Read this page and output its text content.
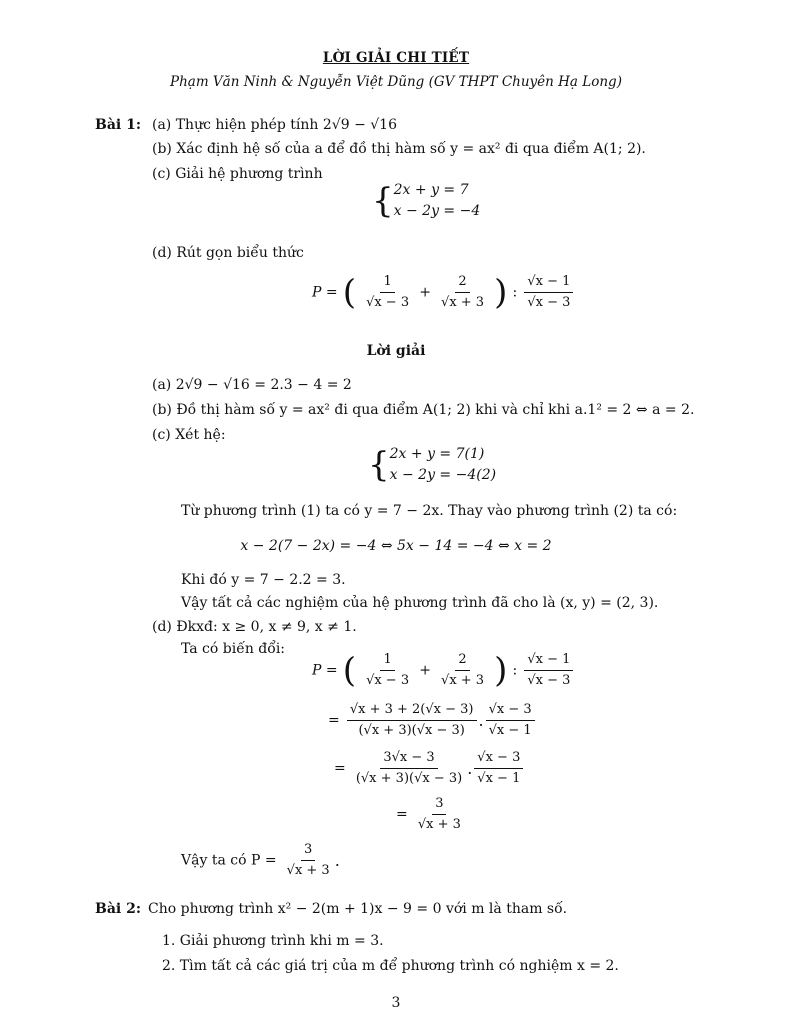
LỜI GIẢI CHI TIẾT
Phạm Văn Ninh & Nguyễn Việt Dũng (GV THPT Chuyên Hạ Long)
Bài 1: (a) Thực hiện phép tính 2√9 − √16
(b) Xác định hệ số của a để đồ thị hàm số y = ax² đi qua điểm A(1; 2).
(c) Giải hệ phương trình
{ 2x + y = 7
x − 2y = −4
(d) Rút gọn biểu thức
P = ( $\frac{1}{√x - 3} + \frac{2}{√x + 3}$ ) : $\frac{√x - 1}{√x - 3}$
Lời giải
(a) 2√9 − √16 = 2.3 − 4 = 2
(b) Đồ thị hàm số y = ax² đi qua điểm A(1; 2) khi và chỉ khi a.1² = 2 ⇔ a = 2.
(c) Xét hệ:
{ 2x + y = 7(1)
x − 2y = −4(2)
Từ phương trình (1) ta có y = 7 − 2x. Thay vào phương trình (2) ta có:
x − 2(7 − 2x) = −4 ⇔ 5x − 14 = −4 ⇔ x = 2
Khi đó y = 7 − 2.2 = 3.
Vậy tất cả các nghiệm của hệ phương trình đã cho là (x, y) = (2, 3).
(d) Đkxđ: x ≥ 0, x ≠ 9, x ≠ 1.
Ta có biến đổi:
P = ( $\frac{1}{√x - 3} + \frac{2}{√x + 3}$ ) : $\frac{√x - 1}{√x - 3}$
= $\frac{√x + 3 + 2(√x - 3)}{(√x + 3)(√x - 3)}$ . $\frac{√x - 3}{√x - 1}$
= $\frac{3√x - 3}{(√x + 3)(√x - 3)}$ . $\frac{√x - 3}{√x - 1}$
= $\frac{3}{√x + 3}$
Vậy ta có $P = \frac{3}{√x + 3}$ .
Bài 2: Cho phương trình x² − 2(m + 1)x − 9 = 0 với m là tham số.
1. Giải phương trình khi m = 3.
2. Tìm tất cả các giá trị của m để phương trình có nghiệm x = 2.
3
